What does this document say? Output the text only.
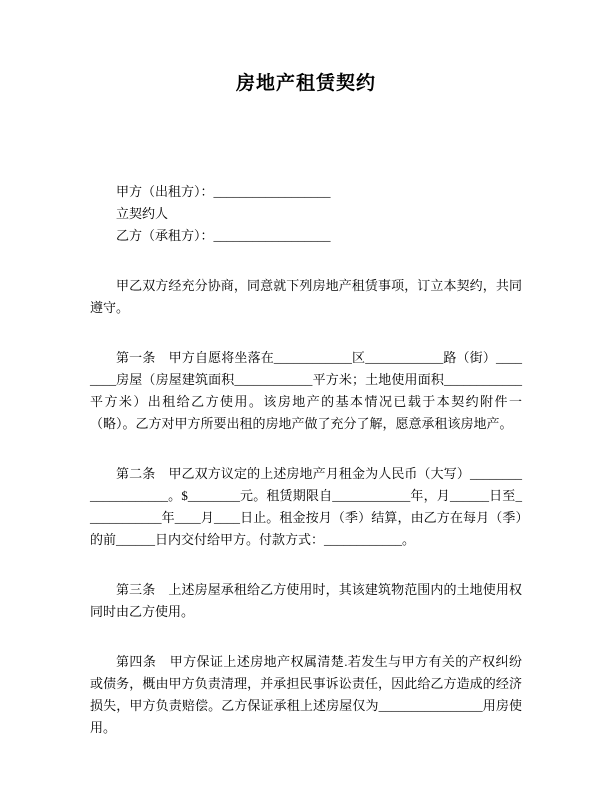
房地产租赁契约
甲方（出租方）：__________________
立契约人
乙方（承租方）：__________________

甲乙双方经充分协商，同意就下列房地产租赁事项，订立本契约，共同遵守。

第一条　甲方自愿将坐落在____________区____________路（街）________房屋（房屋建筑面积____________平方米；土地使用面积____________平方米）出租给乙方使用。该房地产的基本情况已载于本契约附件一（略）。乙方对甲方所要出租的房地产做了充分了解，愿意承租该房地产。

第二条　甲乙双方议定的上述房地产月租金为人民币（大写）____________________。$________元。租赁期限自____________年，月______日至____________年____月____日止。租金按月（季）结算，由乙方在每月（季）的前______日内交付给甲方。付款方式：____________。

第三条　上述房屋承租给乙方使用时，其该建筑物范围内的土地使用权同时由乙方使用。

第四条　甲方保证上述房地产权属清楚.若发生与甲方有关的产权纠纷或债务，概由甲方负责清理，并承担民事诉讼责任，因此给乙方造成的经济损失，甲方负责赔偿。乙方保证承租上述房屋仅为________________用房使用。
